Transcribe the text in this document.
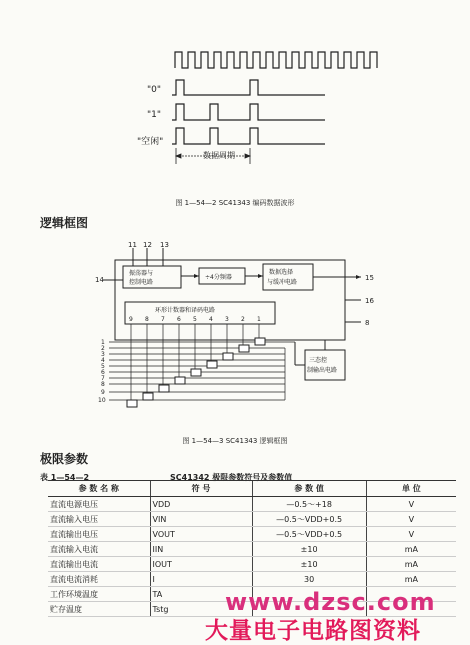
"0"
"1"
"空闲"
数据周期
图 1—54—2 SC41343 编码数据波形
逻辑框图
11 12 13
振荡器与
控制电路
14	÷4分频器
数据选择
与缓冲电路
15
16
8
环形计数器和译码电路
9 8 7 6 5 4 3 2 1
1
2
3
4
5
6
7
8
9
10
三态控
制输出电路
图 1—54—3 SC41343 逻辑框图
极限参数
表 1—54—2	SC41342 极限参数符号及参数值
参 数 名 称	符 号	参 数 值	单 位
直流电源电压	VDD	—0.5～+18	V
直流输入电压	VIN	—0.5～VDD+0.5	V
直流输出电压	VOUT	—0.5～VDD+0.5	V
直流输入电流	IIN	±10	mA
直流输出电流	IOUT	±10	mA
直流电流消耗	I	30	mA
工作环境温度	TA		
贮存温度	Tstg		www.dzsc.com
大量电子电路图资料
